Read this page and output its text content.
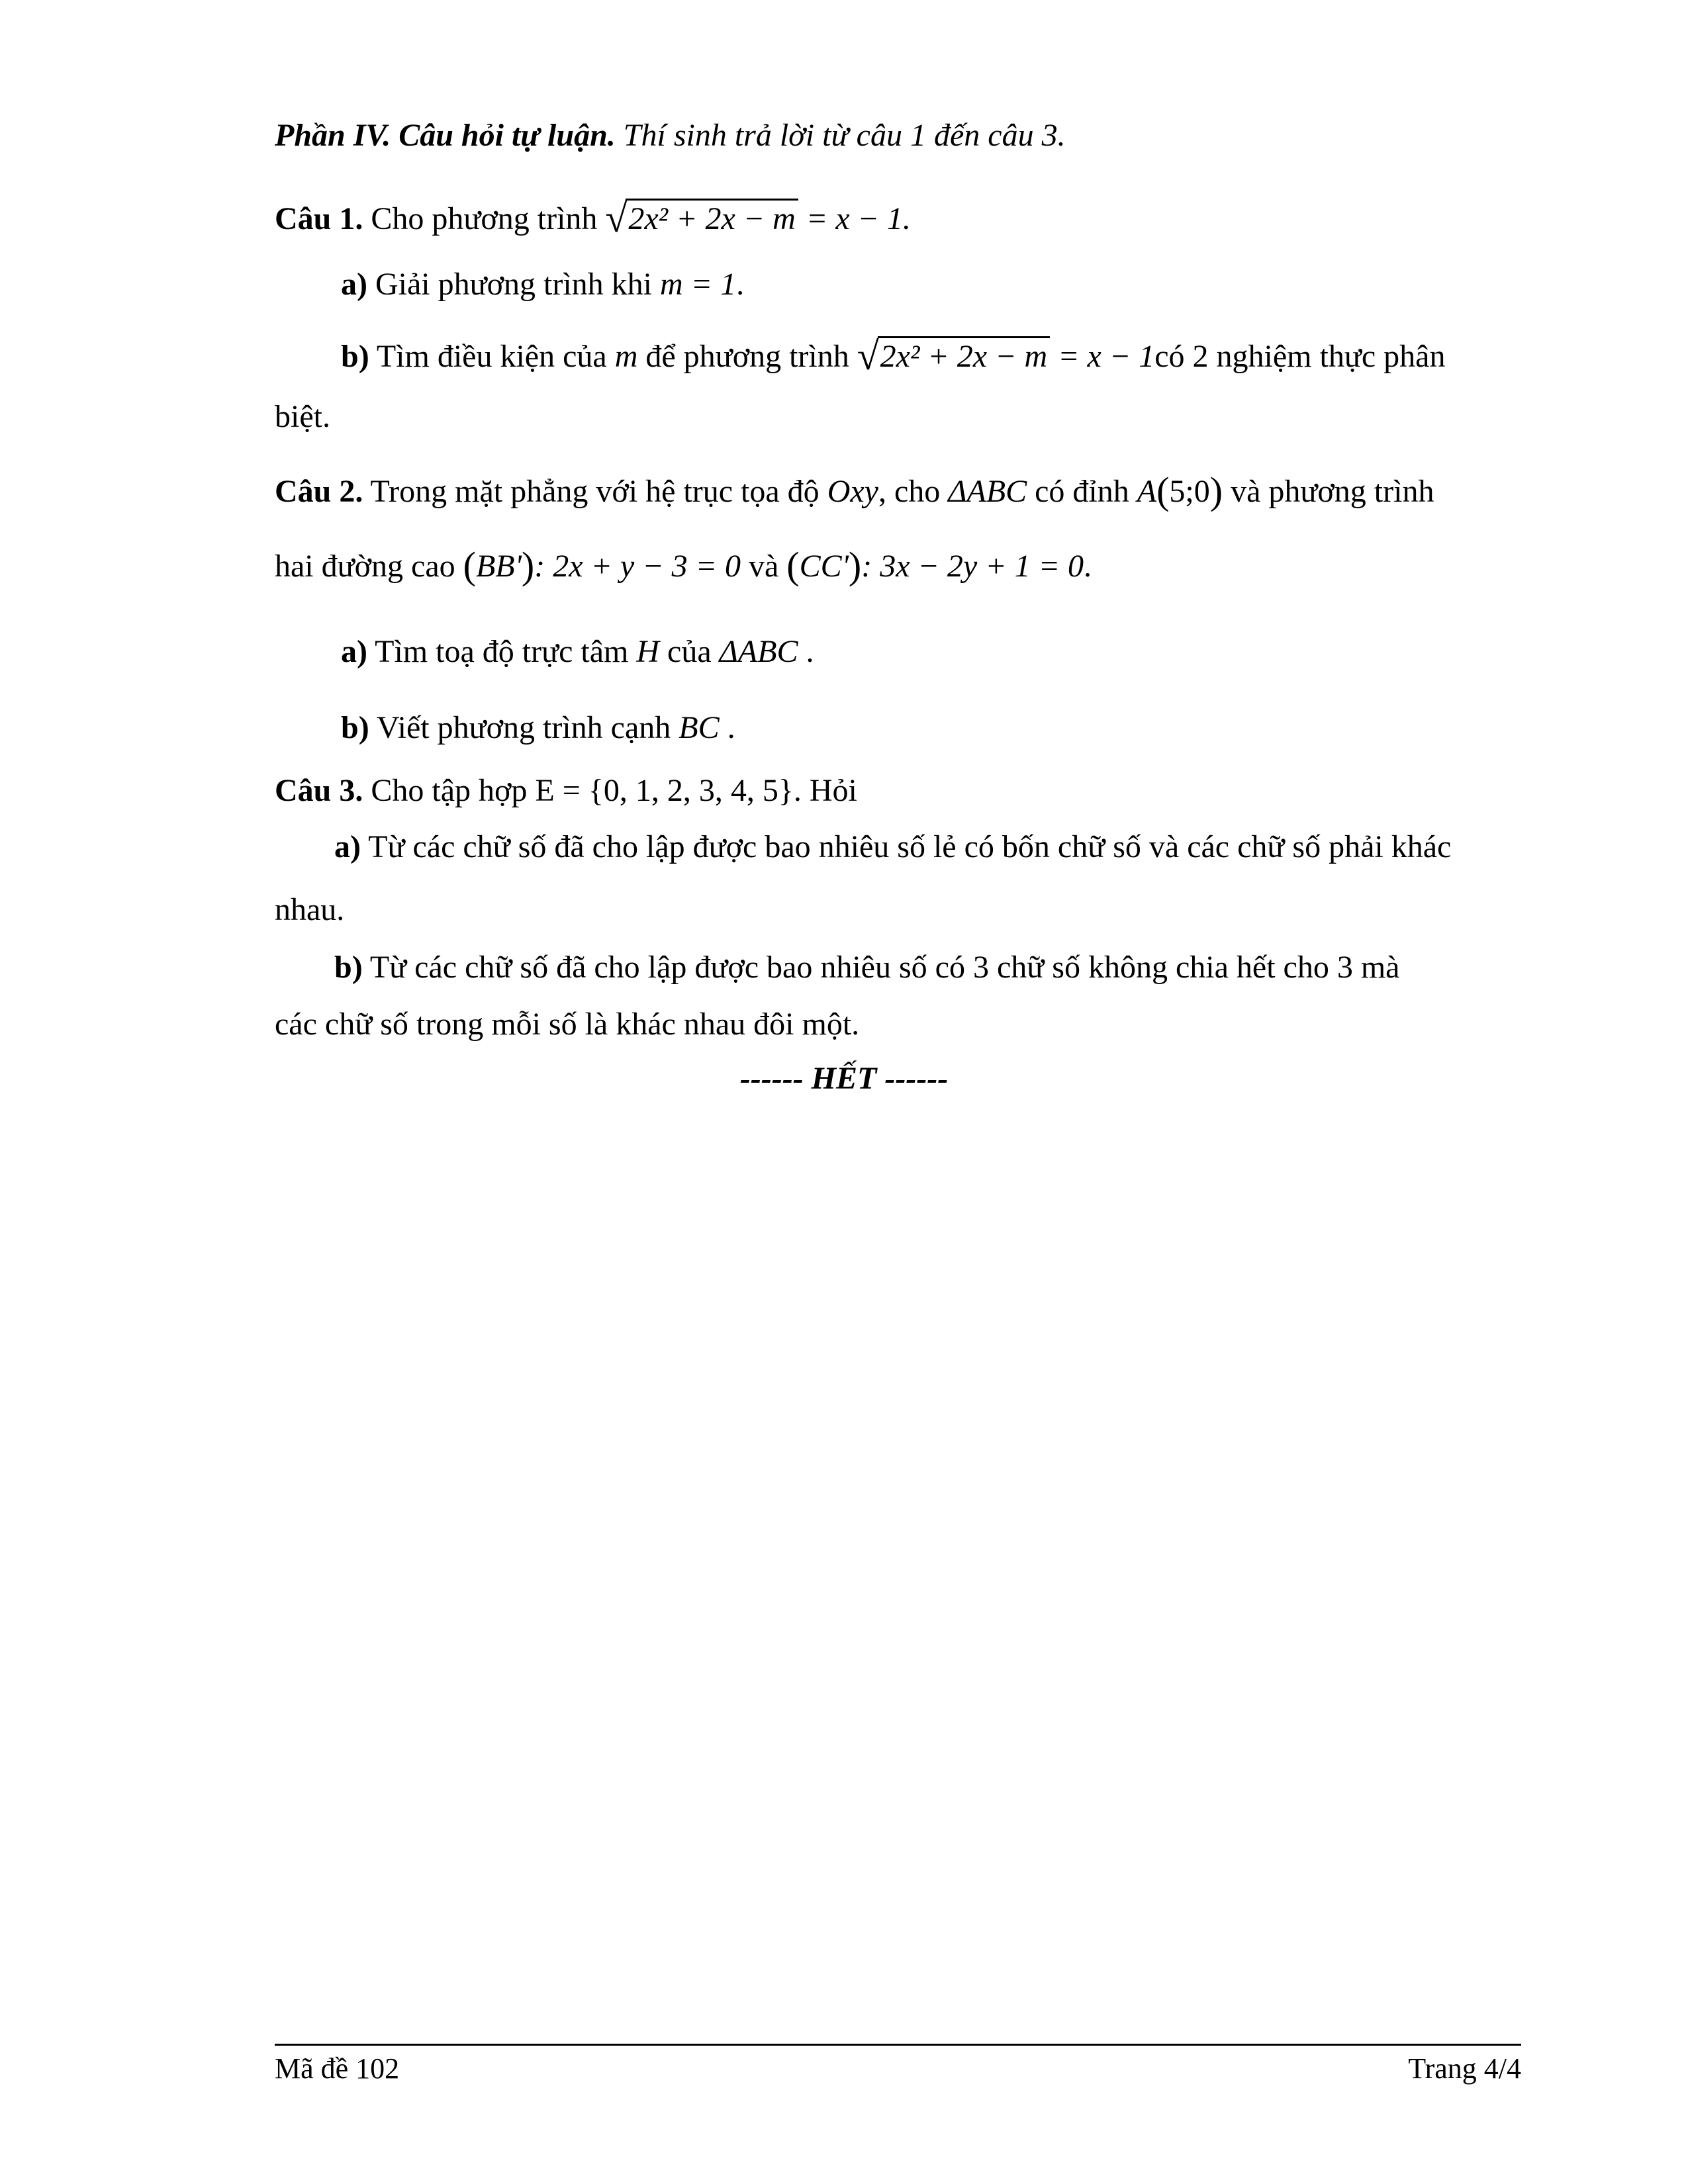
Phần IV. Câu hỏi tự luận. Thí sinh trả lời từ câu 1 đến câu 3.
Câu 1. Cho phương trình √2x² + 2x − m = x − 1.
a) Giải phương trình khi m = 1.
b) Tìm điều kiện của m để phương trình √2x² + 2x − m = x − 1có 2 nghiệm thực phân
biệt.
Câu 2. Trong mặt phẳng với hệ trục tọa độ Oxy, cho ΔABC có đỉnh A(5;0) và phương trình
hai đường cao (BB'): 2x + y − 3 = 0 và (CC'): 3x − 2y + 1 = 0.
a) Tìm toạ độ trực tâm H của ΔABC .
b) Viết phương trình cạnh BC .
Câu 3. Cho tập hợp E = {0, 1, 2, 3, 4, 5}. Hỏi
a) Từ các chữ số đã cho lập được bao nhiêu số lẻ có bốn chữ số và các chữ số phải khác
nhau.
b) Từ các chữ số đã cho lập được bao nhiêu số có 3 chữ số không chia hết cho 3 mà
các chữ số trong mỗi số là khác nhau đôi một.
------ HẾT ------
Mã đề 102	Trang 4/4
